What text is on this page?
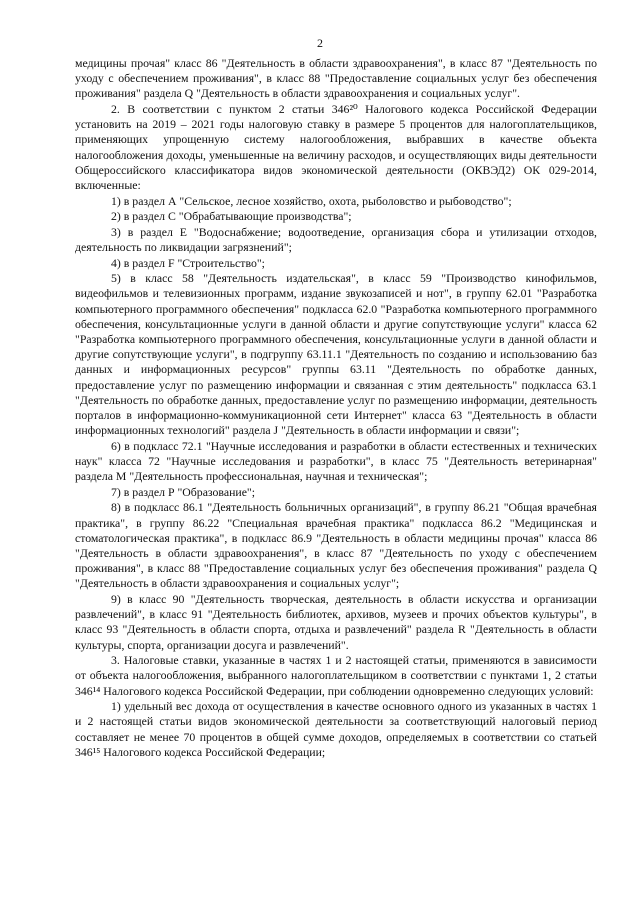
2

медицины прочая" класс 86 "Деятельность в области здравоохранения", в класс 87 "Деятельность по уходу с обеспечением проживания", в класс 88 "Предоставление социальных услуг без обеспечения проживания" раздела Q "Деятельность в области здравоохранения и социальных услуг".

2. В соответствии с пунктом 2 статьи 346²⁰ Налогового кодекса Российской Федерации установить на 2019 – 2021 годы налоговую ставку в размере 5 процентов для налогоплательщиков, применяющих упрощенную систему налогообложения, выбравших в качестве объекта налогообложения доходы, уменьшенные на величину расходов, и осуществляющих виды деятельности Общероссийского классификатора видов экономической деятельности (ОКВЭД2) ОК 029-2014, включенные:

1) в раздел А "Сельское, лесное хозяйство, охота, рыболовство и рыбоводство";

2) в раздел С "Обрабатывающие производства";

3) в раздел Е "Водоснабжение; водоотведение, организация сбора и утилизации отходов, деятельность по ликвидации загрязнений";

4) в раздел F "Строительство";

5) в класс 58 "Деятельность издательская", в класс 59 "Производство кинофильмов, видеофильмов и телевизионных программ, издание звукозаписей и нот", в группу 62.01 "Разработка компьютерного программного обеспечения" подкласса 62.0 "Разработка компьютерного программного обеспечения, консультационные услуги в данной области и другие сопутствующие услуги" класса 62 "Разработка компьютерного программного обеспечения, консультационные услуги в данной области и другие сопутствующие услуги", в подгруппу 63.11.1 "Деятельность по созданию и использованию баз данных и информационных ресурсов" группы 63.11 "Деятельность по обработке данных, предоставление услуг по размещению информации и связанная с этим деятельность" подкласса 63.1 "Деятельность по обработке данных, предоставление услуг по размещению информации, деятельность порталов в информационно-коммуникационной сети Интернет" класса 63 "Деятельность в области информационных технологий" раздела J "Деятельность в области информации и связи";

6) в подкласс 72.1 "Научные исследования и разработки в области естественных и технических наук" класса 72 "Научные исследования и разработки", в класс 75 "Деятельность ветеринарная" раздела М "Деятельность профессиональная, научная и техническая";

7) в раздел Р "Образование";

8) в подкласс 86.1 "Деятельность больничных организаций", в группу 86.21 "Общая врачебная практика", в группу 86.22 "Специальная врачебная практика" подкласса 86.2 "Медицинская и стоматологическая практика", в подкласс 86.9 "Деятельность в области медицины прочая" класса 86 "Деятельность в области здравоохранения", в класс 87 "Деятельность по уходу с обеспечением проживания", в класс 88 "Предоставление социальных услуг без обеспечения проживания" раздела Q "Деятельность в области здравоохранения и социальных услуг";

9) в класс 90 "Деятельность творческая, деятельность в области искусства и организации развлечений", в класс 91 "Деятельность библиотек, архивов, музеев и прочих объектов культуры", в класс 93 "Деятельность в области спорта, отдыха и развлечений" раздела R "Деятельность в области культуры, спорта, организации досуга и развлечений".

3. Налоговые ставки, указанные в частях 1 и 2 настоящей статьи, применяются в зависимости от объекта налогообложения, выбранного налогоплательщиком в соответствии с пунктами 1, 2 статьи 346¹⁴ Налогового кодекса Российской Федерации, при соблюдении одновременно следующих условий:

1) удельный вес дохода от осуществления в качестве основного одного из указанных в частях 1 и 2 настоящей статьи видов экономической деятельности за соответствующий налоговый период составляет не менее 70 процентов в общей сумме доходов, определяемых в соответствии со статьей 346¹⁵ Налогового кодекса Российской Федерации;
